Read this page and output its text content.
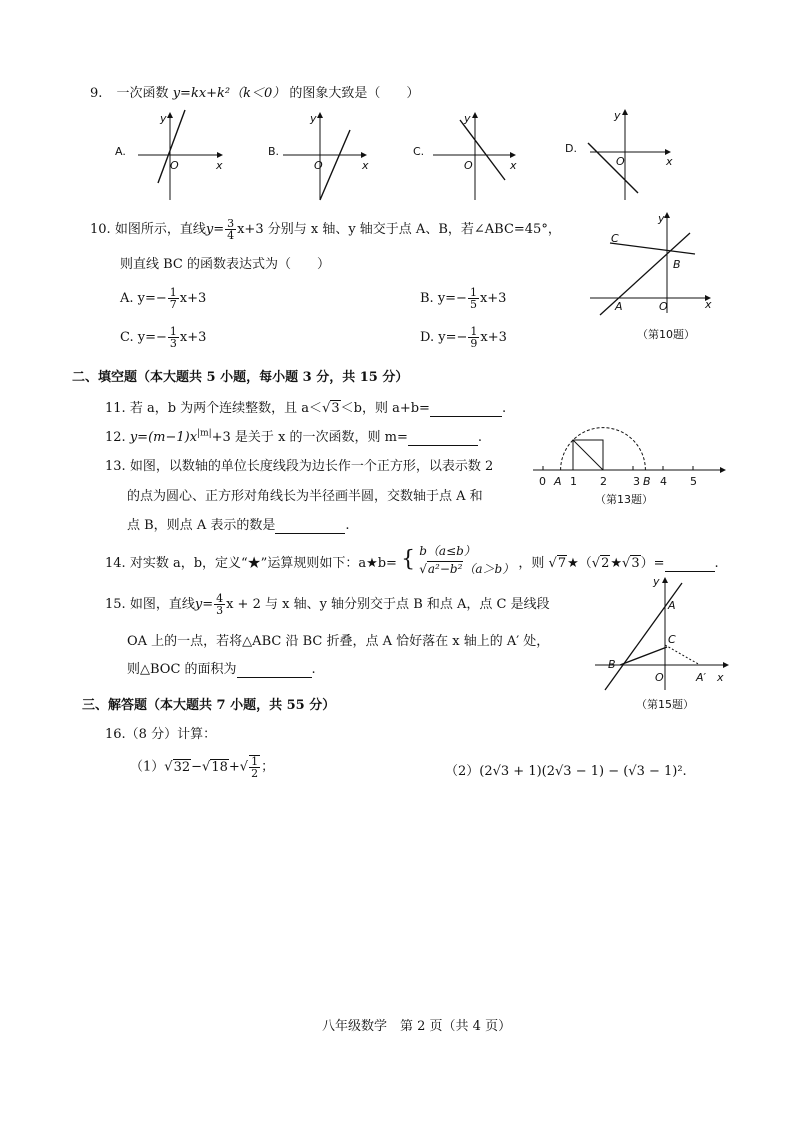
9. 一次函数 y=kx+k²（k＜0） 的图象大致是（　　）
A.
x
y
O
B.
x
y
O
C.
x
y
O
D.
x
y
O
10. 如图所示，直线$y= \frac{3}{4} x+3$ 分别与 x 轴、y 轴交于点 A、B，若∠ABC=45°，
则直线 BC 的函数表达式为（　　）
A. $y=- \frac{1}{7} x+3$	B. $y=- \frac{1}{5} x+3$
C. $y=- \frac{1}{3} x+3$	D. $y=- \frac{1}{9} x+3$
C
B
A	O	x
y
（第10题）
二、填空题（本大题共 5 小题，每小题 3 分，共 15 分）
11. 若 a，b 为两个连续整数，且 a＜√3＜b，则 a+b=	.
12. $y=(m-1)x^{|m|}+3$ 是关于 x 的一次函数，则 m=	.
13. 如图，以数轴的单位长度线段为边长作一个正方形，以表示数 2
的点为圆心、正方形对角线长为半径画半圆，交数轴于点 A 和
点 B，则点 A 表示的数是	.
0 A 1 2 3 B 4 5
（第13题）
14. 对实数 a，b，定义“★”运算规则如下：a★b= { b（a≤b）
√a²−b²（a＞b） ，则 √7★（√2★√3）=	.
15. 如图，直线$y= \frac{4}{3}$ x + 2 与 x 轴、y 轴分别交于点 B 和点 A，点 C 是线段
OA 上的一点，若将△ABC 沿 BC 折叠，点 A 恰好落在 x 轴上的 A′ 处，
则△BOC 的面积为	.
A
C
B
O	A′ x
y
（第15题）
三、解答题（本大题共 7 小题，共 55 分）
16.（8 分）计算：
$(1)√32-√18+√ \frac{1}{2}$ ；	（2）(2√3 + 1)(2√3 − 1) − (√3 − 1)².
八年级数学　第 2 页（共 4 页）
